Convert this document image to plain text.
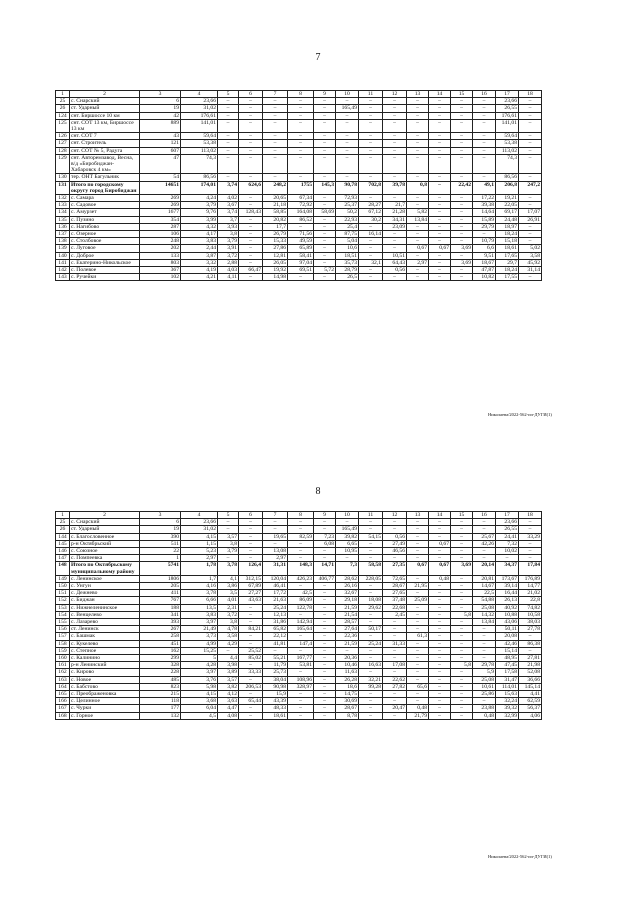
7
1	2	3	4	5	6	7	8	9	10	11	12	13	14	15	16	17	18
25	с. Снарский	6	23,66	–	–	–	–	–	–	–	–	–	–	–	–	23,66	–
26	ст. Ударный	19	31,02	–	–	–	–	–	165,49	–	–	–	–	–	–	26,55	–
124	снт. Биршоссе 10 км	42	176,61	–	–	–	–	–	–	–	–	–	–	–	–	176,61	–
125	снт. СОТ 13 км, Биршоссе 13 км	889	141,01	–	–	–	–	–	–	–	–	–	–	–	–	141,01	–
126	снт. СОТ 7	43	59,64	–	–	–	–	–	–	–	–	–	–	–	–	59,64	–
127	снт. Строитель	121	53,38	–	–	–	–	–	–	–	–	–	–	–	–	53,38	–
128	снт. СОТ № 5, Радуга	607	113,02	–	–	–	–	–	–	–	–	–	–	–	–	113,02	–
129	снт. Авторемзавод, Весна, в/д «Биробиджан-Хабаровск 4 км»	47	74,3	–	–	–	–	–	–	–	–	–	–	–	–	74,3	–
130	тер. ОНТ Багульник	54	86,56	–	–	–	–	–	–	–	–	–	–	–	–	86,56	–
131	Итого по городскому округу город Биробиджан	14651	174,01	3,74	624,6	248,2	1755	145,3	90,78	702,8	39,78	0,8	–	22,42	49,1	206,8	247,2
132	с. Самара	269	4,24	4,02	–	20,65	67,34	–	72,93	–	–	–	–	–	17,22	19,21	–
133	с. Садовое	269	3,79	3,67	–	21,18	72,92	–	25,37	28,27	21,7	–	–	–	39,38	22,05	–
134	с. Амурзет	1677	9,76	3,74	128,43	58,85	164,08	58,69	50,2	67,12	21,28	5,82	–	–	14,64	69,17	17,07
135	с. Пузино	354	3,99	3,7	–	20,82	86,52	–	22,93	30,2	34,31	13,84	–	–	15,89	24,48	26,91
136	с. Нагибово	287	4,32	3,93	–	17,7	–	–	25,4	–	23,09	–	–	–	29,79	18,97	–
137	с. Озерное	106	4,17	3,8	–	26,79	71,56	–	87,75	16,14	–	–	–	–	–	18,24	–
138	с. Столбовое	248	3,83	3,79	–	15,33	49,59	–	5,04	–	–	–	–	–	10,79	15,18	–
139	с. Луговое	202	2,44	3,91	–	27,86	65,89	–	10,6	–	–	0,67	0,67	3,69	6,6	18,61	5,02
140	с. Доброе	133	3,87	3,72	–	12,81	58,41	–	18,51	–	10,51	–	–	–	9,51	17,65	3,58
141	с. Екатерино-Никольское	803	3,32	2,88	–	26,05	97,04	–	35,73	32,1	64,43	2,97	–	3,69	18,67	29,7	45,92
142	с. Полевое	367	4,19	4,03	66,47	19,92	69,51	5,72	28,79	–	0,56	–	–	–	47,87	18,24	31,14
143	с. Ручейки	102	4,21	4,11	–	14,98	–	–	26,5	–	–	–	–	–	10,82	17,55	–
Николаева/2022-562-пп-ДУГИ(1)
8
1	2	3	4	5	6	7	8	9	10	11	12	13	14	15	16	17	18
25	с. Снарский	6	23,66	–	–	–	–	–	–	–	–	–	–	–	–	23,66	–
26	ст. Ударный	19	31,02	–	–	–	–	–	165,49	–	–	–	–	–	–	26,55	–
144	с. Благословенное	390	4,15	3,57	–	19,65	82,59	7,23	39,82	54,15	0,56	–	–	–	25,67	24,41	33,29
145	р-н Октябрьский	511	1,15	3,8	–	–	–	6,08	6,65	–	27,49	–	0,67	–	42,26	7,32	–
146	с. Союзное	22	5,23	3,79	–	13,08	–	–	10,95	–	46,56	–	–	–	–	10,02	–
147	с. Помпеевка	1	2,97	–	–	2,97	–	–	–	–	–	–	–	–	–	–	–
148	Итого по Октябрьскому муниципальному району	5741	1,78	3,78	126,4	31,31	148,3	14,71	7,3	58,58	27,35	0,67	0,67	3,69	20,14	34,37	17,84
149	с. Ленинское	1806	1,7	4,1	312,15	120,04	426,23	406,77	28,62	228,05	72,65	–	0,48	–	20,81	173,67	176,89
150	с. Унгун	205	4,16	3,86	67,89	46,41	–	–	26,16	–	28,67	21,95	–	–	14,67	39,14	14,77
151	с. Дежнево	411	3,78	3,5	27,27	17,72	42,5	–	32,67	–	27,65	–	–	–	22,5	16,44	21,02
152	с. Биджан	767	6,66	4,01	43,63	21,63	86,09	–	29,18	18,08	37,48	25,09	–	–	54,88	26,13	22,8
153	с. Нижнеленинское	188	13,5	2,31	–	25,24	122,78	–	21,59	29,62	22,68	–	–	–	25,08	40,92	74,82
154	с. Венцелево	341	3,83	3,72	–	12,13	–	–	21,54	–	2,45	–	–	5,8	14,32	10,88	10,58
155	с. Лазарево	393	3,97	3,8	–	31,86	142,94	–	28,57	–	–	–	–	–	13,84	43,06	38,03
156	ст. Ленинск	267	21,49	4,78	84,21	65,82	165,64	–	27,64	50,17	–	–	–	–	–	50,11	27,78
157	с. Башмак	258	3,73	3,58	–	22,12	–	–	22,36	–	–	61,3	–	–	–	20,08	–
158	с. Кукелево	451	4,99	4,29	–	41,81	147,4	–	21,59	25,24	31,33	–	–	–	–	42,46	86,38
159	с. Степное	162	15,25	–	25,52	–	–	–	–	–	–	–	–	–	–	15,14	–
160	с. Калинино	299	5	4,4	85,02	55,21	167,77	–	20,36	–	–	–	–	–	–	48,95	27,81
161	р-н Ленинский	328	4,28	3,98	–	11,79	53,81	–	10,46	16,63	17,08	–	–	5,8	29,78	47,45	21,98
162	с. Кирово	228	3,97	3,89	33,33	25,73	–	–	11,63	–	–	–	–	–	5,9	17,58	52,08
163	с. Новое	485	3,76	3,57	–	38,04	108,96	–	26,28	32,21	22,62	–	–	–	25,08	31,47	36,66
164	с. Бабстово	823	5,98	3,82	206,53	90,98	328,97	–	18,6	99,28	27,82	65,6	–	–	10,61	114,01	145,14
165	с. Преображеновка	215	4,15	4,12	–	15,9	–	–	14,75	–	–	–	–	–	25,86	15,63	4,41
166	с. Целинное	118	3,68	3,63	65,44	43,39	–	–	30,69	–	–	–	–	–	–	32,24	62,59
167	с. Чурки	177	6,04	4,47	–	48,33	–	–	28,67	–	20,47	0,48	–	–	23,88	39,32	56,37
168	с. Горное	132	4,5	4,08	–	18,61	–	–	8,78	–	–	21,79	–	–	0,48	32,99	4,06
Николаева/2022-562-пп-ДУГИ(1)
